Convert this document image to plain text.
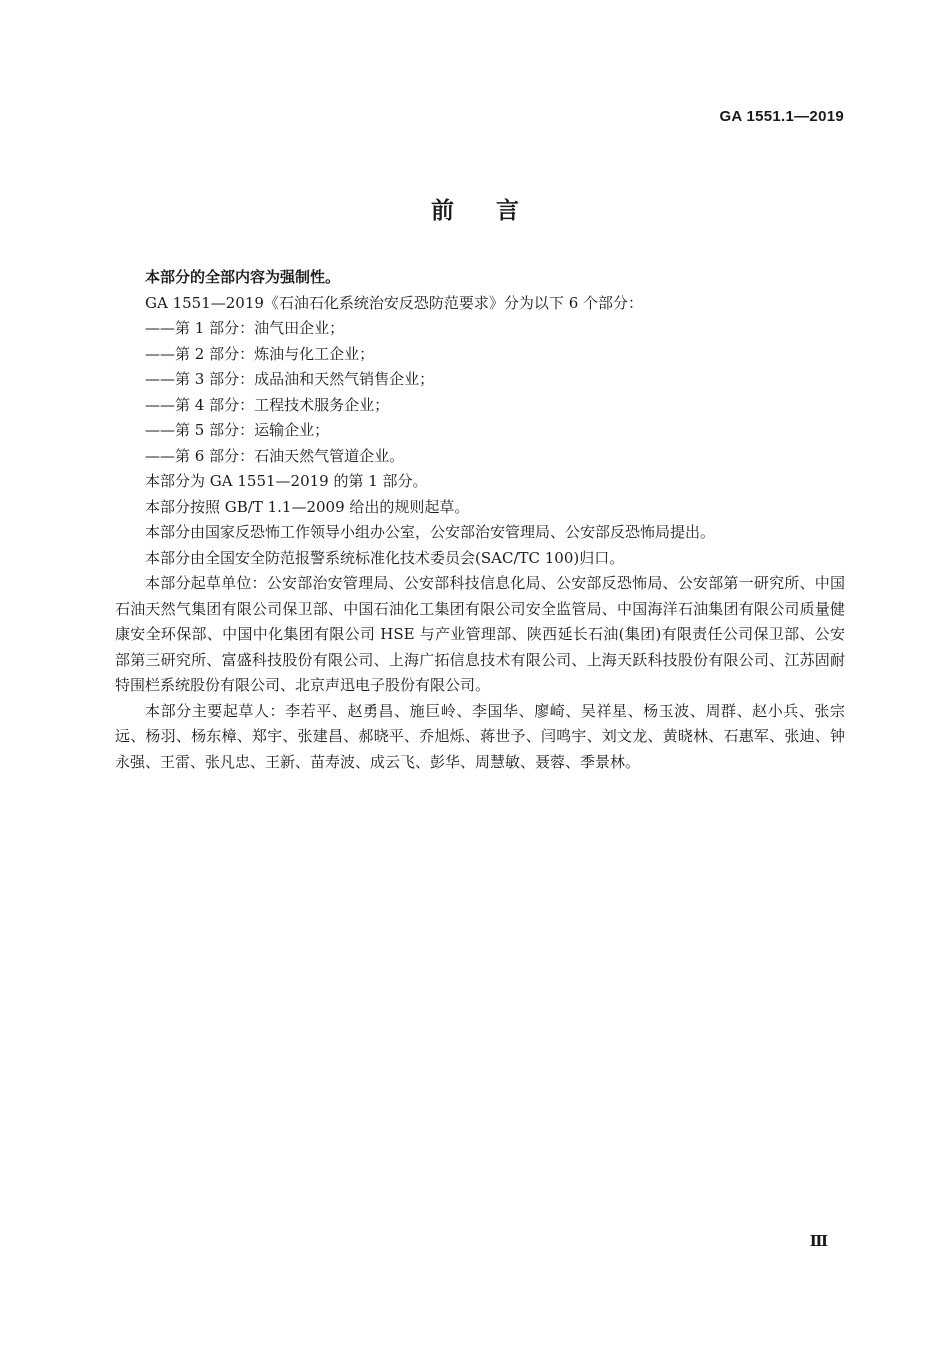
GA 1551.1—2019
前言

本部分的全部内容为强制性。

GA 1551—2019《石油石化系统治安反恐防范要求》分为以下 6 个部分：

——第 1 部分：油气田企业；

——第 2 部分：炼油与化工企业；

——第 3 部分：成品油和天然气销售企业；

——第 4 部分：工程技术服务企业；

——第 5 部分：运输企业；

——第 6 部分：石油天然气管道企业。

本部分为 GA 1551—2019 的第 1 部分。

本部分按照 GB/T 1.1—2009 给出的规则起草。

本部分由国家反恐怖工作领导小组办公室，公安部治安管理局、公安部反恐怖局提出。

本部分由全国安全防范报警系统标准化技术委员会(SAC/TC 100)归口。

本部分起草单位：公安部治安管理局、公安部科技信息化局、公安部反恐怖局、公安部第一研究所、中国石油天然气集团有限公司保卫部、中国石油化工集团有限公司安全监管局、中国海洋石油集团有限公司质量健康安全环保部、中国中化集团有限公司 HSE 与产业管理部、陕西延长石油(集团)有限责任公司保卫部、公安部第三研究所、富盛科技股份有限公司、上海广拓信息技术有限公司、上海天跃科技股份有限公司、江苏固耐特围栏系统股份有限公司、北京声迅电子股份有限公司。

本部分主要起草人：李若平、赵勇昌、施巨岭、李国华、廖崎、吴祥星、杨玉波、周群、赵小兵、张宗远、杨羽、杨东樟、郑宇、张建昌、郝晓平、乔旭烁、蒋世予、闫鸣宇、刘文龙、黄晓林、石惠军、张迪、钟永强、王雷、张凡忠、王新、苗寿波、成云飞、彭华、周慧敏、聂蓉、季景林。

Ⅲ
